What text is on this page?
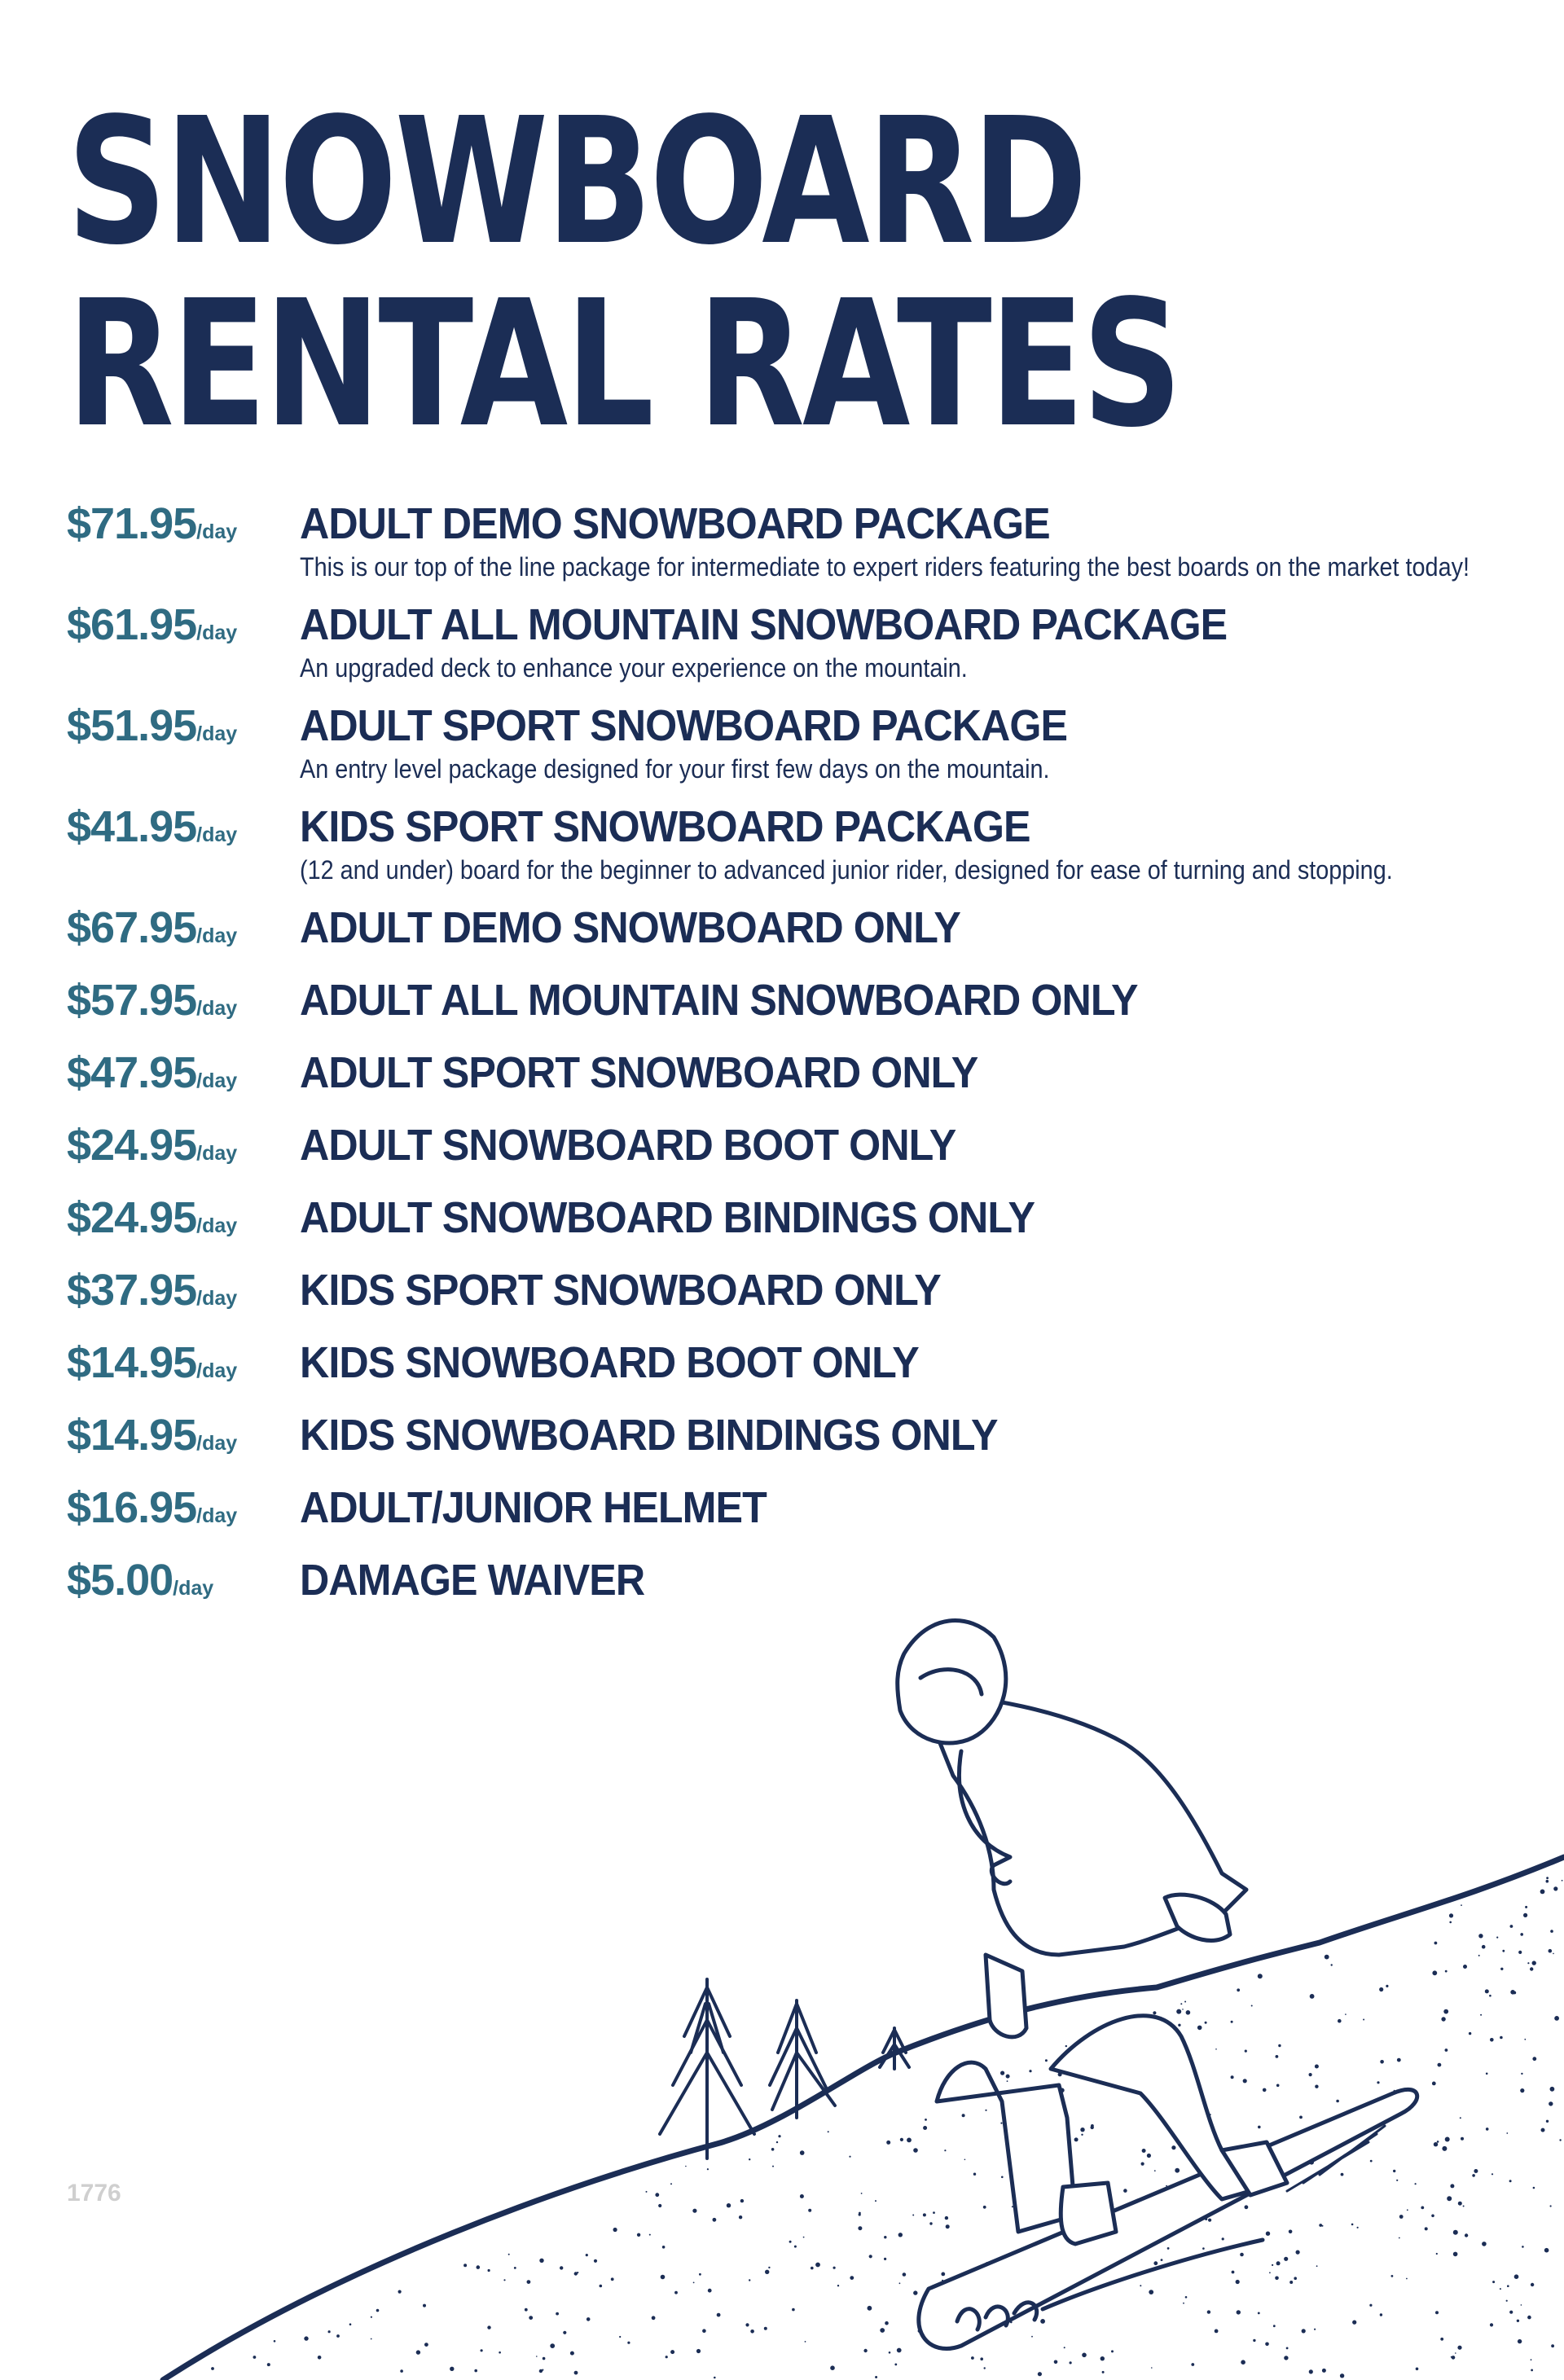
SNOWBOARD
RENTAL RATES
$71.95/day	ADULT DEMO SNOWBOARD PACKAGE
This is our top of the line package for intermediate to expert riders featuring the best boards on the market today!
$61.95/day	ADULT ALL MOUNTAIN SNOWBOARD PACKAGE
An upgraded deck to enhance your experience on the mountain.
$51.95/day	ADULT SPORT SNOWBOARD PACKAGE
An entry level package designed for your first few days on the mountain.
$41.95/day	KIDS SPORT SNOWBOARD PACKAGE
(12 and under) board for the beginner to advanced junior rider, designed for ease of turning and stopping.
$67.95/day	ADULT DEMO SNOWBOARD ONLY
$57.95/day	ADULT ALL MOUNTAIN SNOWBOARD ONLY
$47.95/day	ADULT SPORT SNOWBOARD ONLY
$24.95/day	ADULT SNOWBOARD BOOT ONLY
$24.95/day	ADULT SNOWBOARD BINDINGS ONLY
$37.95/day	KIDS SPORT SNOWBOARD ONLY
$14.95/day	KIDS SNOWBOARD BOOT ONLY
$14.95/day	KIDS SNOWBOARD BINDINGS ONLY
$16.95/day	ADULT/JUNIOR HELMET
$5.00/day	DAMAGE WAIVER
1776
